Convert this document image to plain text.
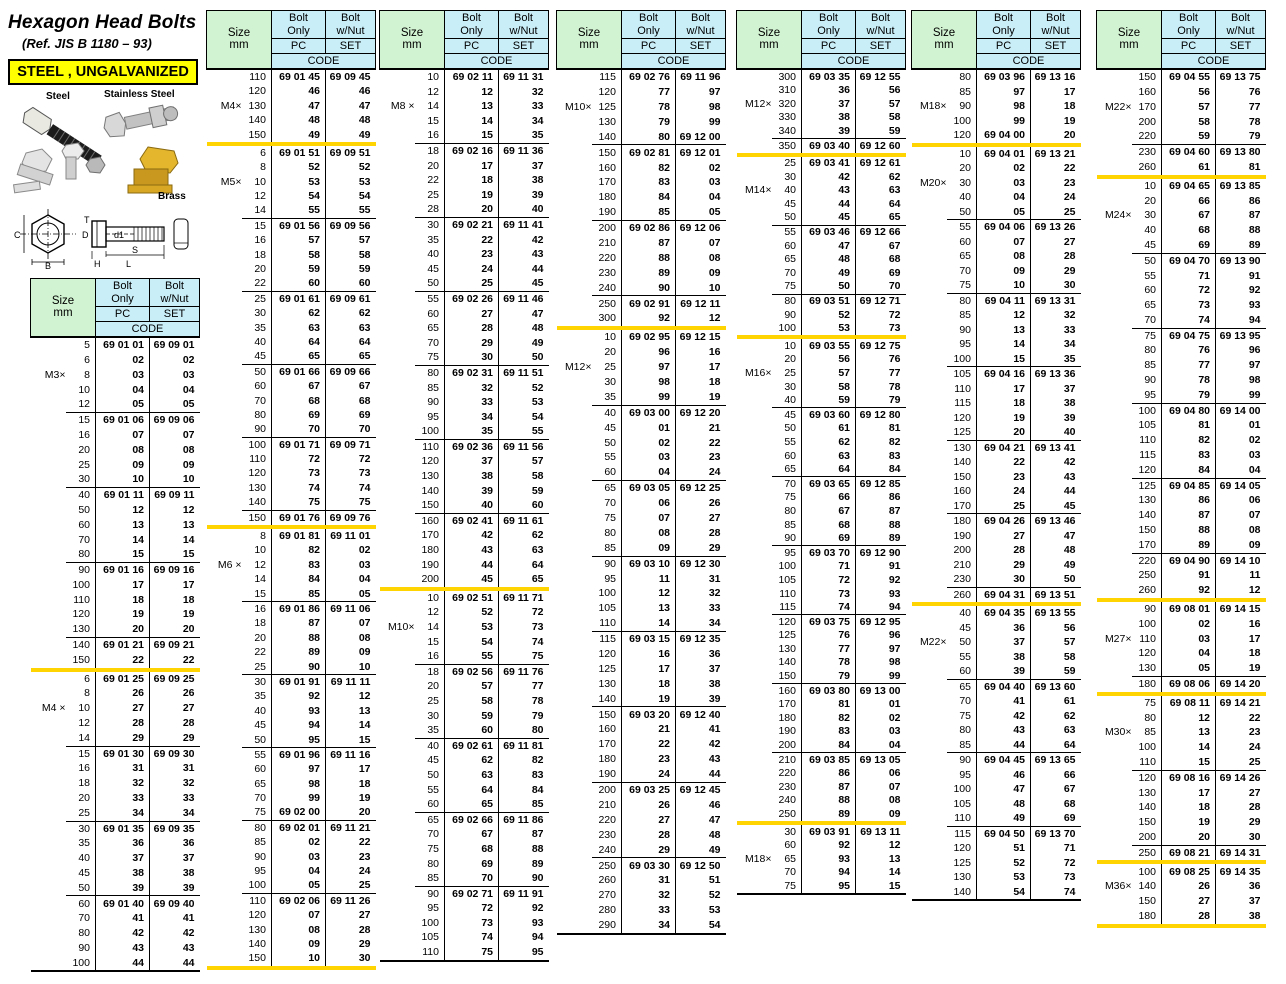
Hexagon Head Bolts
(Ref. JIS B 1180 – 93)
STEEL , UNGALVANIZED
Steel	Stainless Steel
Brass
C
B
T
D	d1
H
S
L
Size
mm

Bolt
Only

Bolt
w/Nut

		PC	SET
		CODE	
	5	69 01 01	69 09 01
	6	02	02
M3×	8	03	03
	10	04	04
	12	05	05
	15	69 01 06	69 09 06
	16	07	07
	20	08	08
	25	09	09
	30	10	10
	40	69 01 11	69 09 11
	50	12	12
	60	13	13
	70	14	14
	80	15	15
	90	69 01 16	69 09 16
	100	17	17
	110	18	18
	120	19	19
	130	20	20
	140	69 01 21	69 09 21
	150	22	22
	6	69 01 25	69 09 25
	8	26	26
M4 ×	10	27	27
	12	28	28
	14	29	29
	15	69 01 30	69 09 30
	16	31	31
	18	32	32
	20	33	33
	25	34	34
	30	69 01 35	69 09 35
	35	36	36
	40	37	37
	45	38	38
	50	39	39
	60	69 01 40	69 09 40
	70	41	41
	80	42	42
	90	43	43
	100	44	44
Size
mm

Bolt
Only

Bolt
w/Nut

		PC	SET
		CODE	
	110	69 01 45	69 09 45
	120	46	46
M4×	130	47	47
	140	48	48
	150	49	49
	6	69 01 51	69 09 51
	8	52	52
M5×	10	53	53
	12	54	54
	14	55	55
	15	69 01 56	69 09 56
	16	57	57
	18	58	58
	20	59	59
	22	60	60
	25	69 01 61	69 09 61
	30	62	62
	35	63	63
	40	64	64
	45	65	65
	50	69 01 66	69 09 66
	60	67	67
	70	68	68
	80	69	69
	90	70	70
	100	69 01 71	69 09 71
	110	72	72
	120	73	73
	130	74	74
	140	75	75
	150	69 01 76	69 09 76
	8	69 01 81	69 11 01
	10	82	02
M6 ×	12	83	03
	14	84	04
	15	85	05
	16	69 01 86	69 11 06
	18	87	07
	20	88	08
	22	89	09
	25	90	10
	30	69 01 91	69 11 11
	35	92	12
	40	93	13
	45	94	14
	50	95	15
	55	69 01 96	69 11 16
	60	97	17
	65	98	18
	70	99	19
	75	69 02 00	20
	80	69 02 01	69 11 21
	85	02	22
	90	03	23
	95	04	24
	100	05	25
	110	69 02 06	69 11 26
	120	07	27
	130	08	28
	140	09	29
	150	10	30
Size
mm

Bolt
Only

Bolt
w/Nut

		PC	SET
		CODE	
	10	69 02 11	69 11 31
	12	12	32
M8 ×	14	13	33
	15	14	34
	16	15	35
	18	69 02 16	69 11 36
	20	17	37
	22	18	38
	25	19	39
	28	20	40
	30	69 02 21	69 11 41
	35	22	42
	40	23	43
	45	24	44
	50	25	45
	55	69 02 26	69 11 46
	60	27	47
	65	28	48
	70	29	49
	75	30	50
	80	69 02 31	69 11 51
	85	32	52
	90	33	53
	95	34	54
	100	35	55
	110	69 02 36	69 11 56
	120	37	57
	130	38	58
	140	39	59
	150	40	60
	160	69 02 41	69 11 61
	170	42	62
	180	43	63
	190	44	64
	200	45	65
	10	69 02 51	69 11 71
	12	52	72
M10×	14	53	73
	15	54	74
	16	55	75
	18	69 02 56	69 11 76
	20	57	77
	25	58	78
	30	59	79
	35	60	80
	40	69 02 61	69 11 81
	45	62	82
	50	63	83
	55	64	84
	60	65	85
	65	69 02 66	69 11 86
	70	67	87
	75	68	88
	80	69	89
	85	70	90
	90	69 02 71	69 11 91
	95	72	92
	100	73	93
	105	74	94
	110	75	95
Size
mm

Bolt
Only

Bolt
w/Nut

		PC	SET
		CODE	
	115	69 02 76	69 11 96
	120	77	97
M10×	125	78	98
	130	79	99
	140	80	69 12 00
	150	69 02 81	69 12 01
	160	82	02
	170	83	03
	180	84	04
	190	85	05
	200	69 02 86	69 12 06
	210	87	07
	220	88	08
	230	89	09
	240	90	10
	250	69 02 91	69 12 11
	300	92	12
	10	69 02 95	69 12 15
	20	96	16
M12×	25	97	17
	30	98	18
	35	99	19
	40	69 03 00	69 12 20
	45	01	21
	50	02	22
	55	03	23
	60	04	24
	65	69 03 05	69 12 25
	70	06	26
	75	07	27
	80	08	28
	85	09	29
	90	69 03 10	69 12 30
	95	11	31
	100	12	32
	105	13	33
	110	14	34
	115	69 03 15	69 12 35
	120	16	36
	125	17	37
	130	18	38
	140	19	39
	150	69 03 20	69 12 40
	160	21	41
	170	22	42
	180	23	43
	190	24	44
	200	69 03 25	69 12 45
	210	26	46
	220	27	47
	230	28	48
	240	29	49
	250	69 03 30	69 12 50
	260	31	51
	270	32	52
	280	33	53
	290	34	54
Size
mm

Bolt
Only

Bolt
w/Nut

		PC	SET
		CODE	
	300	69 03 35	69 12 55
	310	36	56
M12×	320	37	57
	330	38	58
	340	39	59
	350	69 03 40	69 12 60
	25	69 03 41	69 12 61
	30	42	62
M14×	40	43	63
	45	44	64
	50	45	65
	55	69 03 46	69 12 66
	60	47	67
	65	48	68
	70	49	69
	75	50	70
	80	69 03 51	69 12 71
	90	52	72
	100	53	73
	10	69 03 55	69 12 75
	20	56	76
M16×	25	57	77
	30	58	78
	40	59	79
	45	69 03 60	69 12 80
	50	61	81
	55	62	82
	60	63	83
	65	64	84
	70	69 03 65	69 12 85
	75	66	86
	80	67	87
	85	68	88
	90	69	89
	95	69 03 70	69 12 90
	100	71	91
	105	72	92
	110	73	93
	115	74	94
	120	69 03 75	69 12 95
	125	76	96
	130	77	97
	140	78	98
	150	79	99
	160	69 03 80	69 13 00
	170	81	01
	180	82	02
	190	83	03
	200	84	04
	210	69 03 85	69 13 05
	220	86	06
	230	87	07
	240	88	08
	250	89	09
	30	69 03 91	69 13 11
	60	92	12
M18×	65	93	13
	70	94	14
	75	95	15
Size
mm

Bolt
Only

Bolt
w/Nut

		PC	SET
		CODE	
	80	69 03 96	69 13 16
	85	97	17
M18×	90	98	18
	100	99	19
	120	69 04 00	20
	10	69 04 01	69 13 21
	20	02	22
M20×	30	03	23
	40	04	24
	50	05	25
	55	69 04 06	69 13 26
	60	07	27
	65	08	28
	70	09	29
	75	10	30
	80	69 04 11	69 13 31
	85	12	32
	90	13	33
	95	14	34
	100	15	35
	105	69 04 16	69 13 36
	110	17	37
	115	18	38
	120	19	39
	125	20	40
	130	69 04 21	69 13 41
	140	22	42
	150	23	43
	160	24	44
	170	25	45
	180	69 04 26	69 13 46
	190	27	47
	200	28	48
	210	29	49
	230	30	50
	260	69 04 31	69 13 51
	40	69 04 35	69 13 55
	45	36	56
M22×	50	37	57
	55	38	58
	60	39	59
	65	69 04 40	69 13 60
	70	41	61
	75	42	62
	80	43	63
	85	44	64
	90	69 04 45	69 13 65
	95	46	66
	100	47	67
	105	48	68
	110	49	69
	115	69 04 50	69 13 70
	120	51	71
	125	52	72
	130	53	73
	140	54	74
Size
mm

Bolt
Only

Bolt
w/Nut

		PC	SET
		CODE	
	150	69 04 55	69 13 75
	160	56	76
M22×	170	57	77
	200	58	78
	220	59	79
	230	69 04 60	69 13 80
	260	61	81
	10	69 04 65	69 13 85
	20	66	86
M24×	30	67	87
	40	68	88
	45	69	89
	50	69 04 70	69 13 90
	55	71	91
	60	72	92
	65	73	93
	70	74	94
	75	69 04 75	69 13 95
	80	76	96
	85	77	97
	90	78	98
	95	79	99
	100	69 04 80	69 14 00
	105	81	01
	110	82	02
	115	83	03
	120	84	04
	125	69 04 85	69 14 05
	130	86	06
	140	87	07
	150	88	08
	170	89	09
	220	69 04 90	69 14 10
	250	91	11
	260	92	12
	90	69 08 01	69 14 15
	100	02	16
M27×	110	03	17
	120	04	18
	130	05	19
	180	69 08 06	69 14 20
	75	69 08 11	69 14 21
	80	12	22
M30×	85	13	23
	100	14	24
	110	15	25
	120	69 08 16	69 14 26
	130	17	27
	140	18	28
	150	19	29
	200	20	30
	250	69 08 21	69 14 31
	100	69 08 25	69 14 35
M36×	140	26	36
	150	27	37
	180	28	38
